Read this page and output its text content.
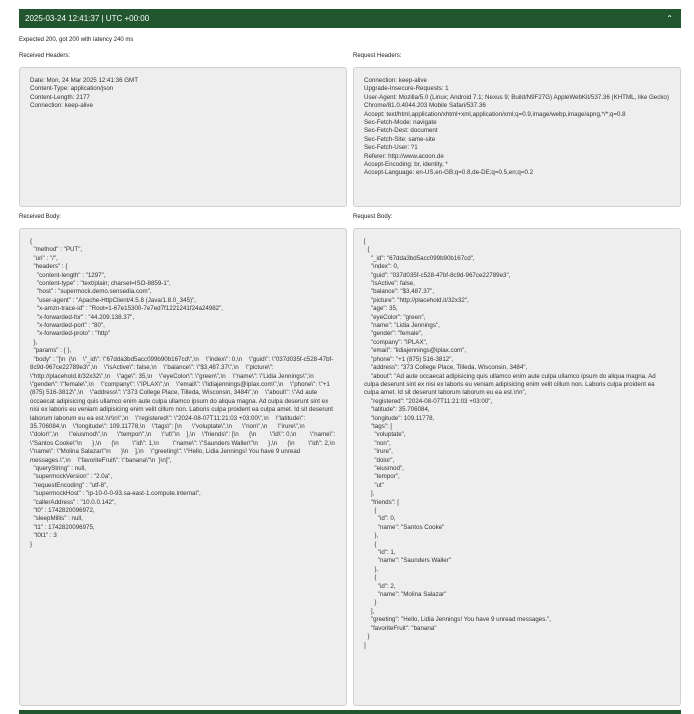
2025-03-24 12:41:37 | UTC +00:00	⌃
Expected 200, got 200 with latency 240 ms
Received Headers:
Date: Mon, 24 Mar 2025 12:41:36 GMT
Content-Type: application/json
Content-Length: 2177
Connection: keep-alive
Request Headers:
Connection: keep-alive
Upgrade-Insecure-Requests: 1
User-Agent: Mozilla/5.0 (Linux; Android 7.1; Nexus 9; Build/N9F27G) AppleWebKit/537.36 (KHTML, like Gecko) Chrome/81.0.4044.203 Mobile Safari/537.36
Accept: text/html,application/xhtml+xml,application/xml;q=0.9,image/webp,image/apng,*/*;q=0.8
Sec-Fetch-Mode: navigate
Sec-Fetch-Dest: document
Sec-Fetch-Site: same-site
Sec-Fetch-User: ?1
Referer: http://www.acoon.de
Accept-Encoding: br, identity, *
Accept-Language: en-US,en-GB;q=0.8,de-DE;q=0.5,en;q=0.2
Received Body:
{
"method" : "PUT",
"uri" : "/",
"headers" : {
"content-length" : "1297",
"content-type" : "text/plain; charset=ISO-8859-1",
"host" : "supermock.demo.sensedia.com",
"user-agent" : "Apache-HttpClient/4.5.8 (Java/1.8.0_345)",
"x-amzn-trace-id" : "Root=1-67e15300-7e7ed7f1221241f24a24982",
"x-forwarded-for" : "44.209.138.37",
"x-forwarded-port" : "80",
"x-forwarded-proto" : "http"
},
"params" : { },
"body" : "[\n  {\n    \"_id\": \"67dda3bd5acc099b90b167cd\",\n    \"index\": 0,\n    \"guid\": \"037d035f-c528-47bf-8c9d-967ce22789e3\",\n    \"isActive\": false,\n    \"balance\": \"$3,487.37\",\n    \"picture\": \"http://placehold.it/32x32\",\n    \"age\": 35,\n    \"eyeColor\": \"green\",\n    \"name\": \"Lidia Jennings\",\n    \"gender\": \"female\",\n    \"company\": \"IPLAX\",\n    \"email\": \"lidiajennings@iplax.com\",\n    \"phone\": \"+1 (875) 516-3812\",\n    \"address\": \"373 College Place, Tilleda, Wisconsin, 3484\",\n    \"about\": \"Ad aute occaecat adipisicing quis ullamco enim aute culpa ullamco ipsum do aliqua magna. Ad culpa deserunt sint ex nisi ex laboris eu veniam adipisicing enim velit cillum non. Laboris culpa proident ea culpa amet. Id sit deserunt laborum laborum eu ea est.\\r\\n\",\n    \"registered\": \"2024-08-07T11:21:03 +03:00\",\n    \"latitude\": 35.706084,\n    \"longitude\": 109.11778,\n    \"tags\": [\n      \"voluptate\",\n      \"non\",\n      \"irure\",\n      \"dolor\",\n      \"eiusmod\",\n      \"tempor\",\n      \"ut\"\n    ],\n    \"friends\": [\n      {\n        \"id\": 0,\n        \"name\": \"Santos Cooke\"\n      },\n      {\n        \"id\": 1,\n        \"name\": \"Saunders Waller\"\n      },\n      {\n        \"id\": 2,\n        \"name\": \"Molina Salazar\"\n      }\n    ],\n    \"greeting\": \"Hello, Lidia Jennings! You have 9 unread messages.\",\n    \"favoriteFruit\": \"banana\"\n  }\n]",
"queryString" : null,
"supermockVersion" : "2.0a",
"requestEncoding" : "utf-8",
"supermockHost" : "ip-10-0-0-93.sa-east-1.compute.internal",
"callerAddress" : "10.0.0.142",
"t0" : 1742820096972,
"sleepMillis" : null,
"t1" : 1742820096975,
"t0t1" : 3
}
Request Body:
[
{
"_id": "67dda3bd5acc099b90b167cd",
"index": 0,
"guid": "037d035f-c528-47bf-8c9d-967ce22789e3",
"isActive": false,
"balance": "$3,487.37",
"picture": "http://placehold.it/32x32",
"age": 35,
"eyeColor": "green",
"name": "Lidia Jennings",
"gender": "female",
"company": "IPLAX",
"email": "lidiajennings@iplax.com",
"phone": "+1 (875) 516-3812",
"address": "373 College Place, Tilleda, Wisconsin, 3484",
"about": "Ad aute occaecat adipisicing quis ullamco enim aute culpa ullamco ipsum do aliqua magna. Ad culpa deserunt sint ex nisi ex laboris eu veniam adipisicing enim velit cillum non. Laboris culpa proident ea culpa amet. Id sit deserunt laborum laborum eu ea est.\r\n",
"registered": "2024-08-07T11:21:03 +03:00",
"latitude": 35.706084,
"longitude": 109.11778,
"tags": [
"voluptate",
"non",
"irure",
"dolor",
"eiusmod",
"tempor",
"ut"
],
"friends": [
{
"id": 0,
"name": "Santos Cooke"
},
{
"id": 1,
"name": "Saunders Waller"
},
{
"id": 2,
"name": "Molina Salazar"
}
],
"greeting": "Hello, Lidia Jennings! You have 9 unread messages.",
"favoriteFruit": "banana"
}
]
